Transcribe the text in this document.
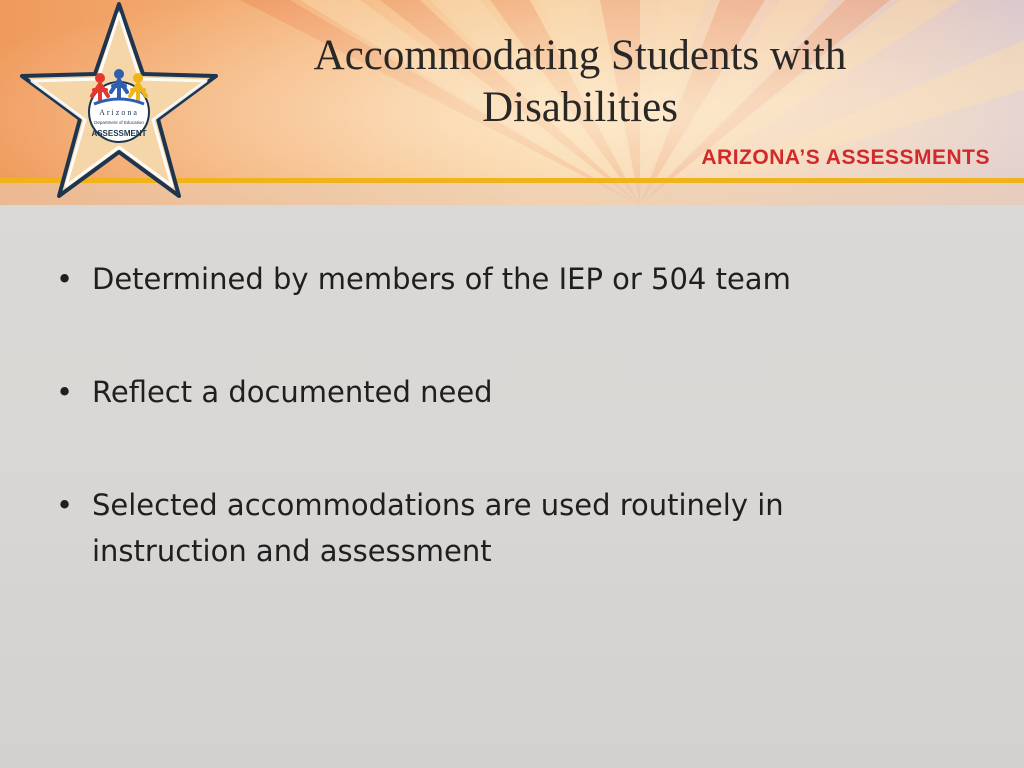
Arizona
Department of Education
ASSESSMENT
Accommodating Students with
Disabilities
ARIZONA’S ASSESSMENTS
• Determined by members of the IEP or 504 team
• Reflect a documented need
• Selected accommodations are used routinely in instruction and assessment
